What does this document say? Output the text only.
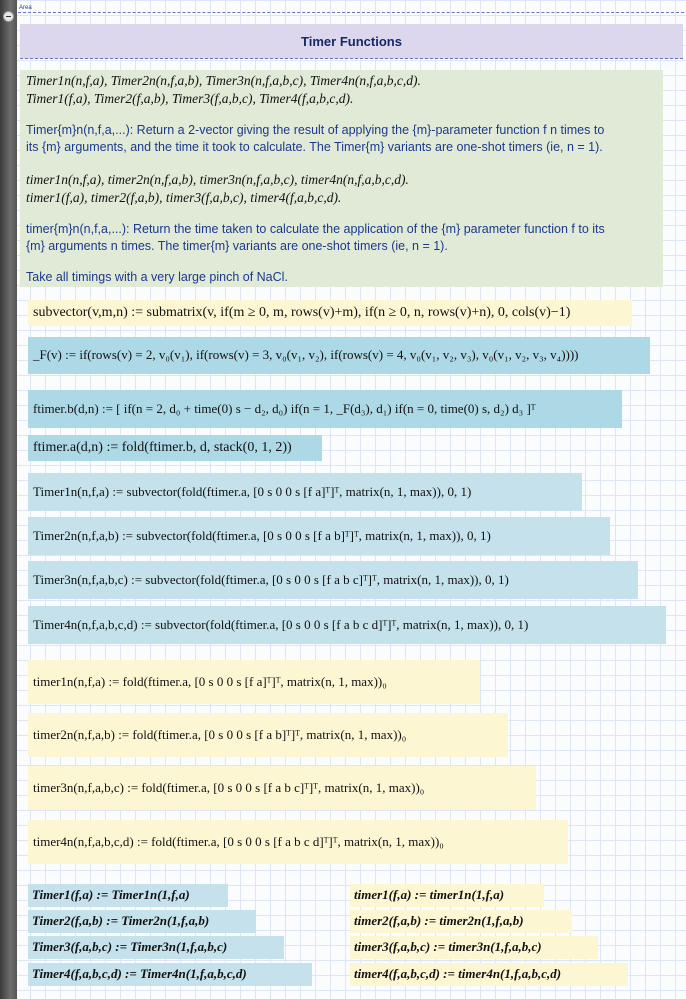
Area
Timer Functions
Timer1n(n,f,a), Timer2n(n,f,a,b), Timer3n(n,f,a,b,c), Timer4n(n,f,a,b,c,d).
Timer1(f,a), Timer2(f,a,b), Timer3(f,a,b,c), Timer4(f,a,b,c,d).
Timer{m}n(n,f,a,...): Return a 2-vector giving the result of applying the {m}-parameter function f n times to
its {m} arguments, and the time it took to calculate. The Timer{m} variants are one-shot timers (ie, n = 1).
timer1n(n,f,a), timer2n(n,f,a,b), timer3n(n,f,a,b,c), timer4n(n,f,a,b,c,d).
timer1(f,a), timer2(f,a,b), timer3(f,a,b,c), timer4(f,a,b,c,d).
timer{m}n(n,f,a,...): Return the time taken to calculate the application of the {m} parameter function f to its
{m} arguments n times. The timer{m} variants are one-shot timers (ie, n = 1).
Take all timings with a very large pinch of NaCl.
subvector(v,m,n) := submatrix(v, if(m ≥ 0, m, rows(v)+m), if(n ≥ 0, n, rows(v)+n), 0, cols(v)−1)
_F(v) := if(rows(v) = 2, v₀(v₁), if(rows(v) = 3, v₀(v₁, v₂), if(rows(v) = 4, v₀(v₁, v₂, v₃), v₀(v₁, v₂, v₃, v₄))))
ftimer.b(d,n) := [ if(n = 2, d₀ + time(0) s − d₂, d₀) if(n = 1, _F(d₃), d₁) if(n = 0, time(0) s, d₂) d₃ ]ᵀ
ftimer.a(d,n) := fold(ftimer.b, d, stack(0, 1, 2))
Timer1n(n,f,a) := subvector(fold(ftimer.a, [0 s 0 0 s [f a]ᵀ]ᵀ, matrix(n, 1, max)), 0, 1)
Timer2n(n,f,a,b) := subvector(fold(ftimer.a, [0 s 0 0 s [f a b]ᵀ]ᵀ, matrix(n, 1, max)), 0, 1)
Timer3n(n,f,a,b,c) := subvector(fold(ftimer.a, [0 s 0 0 s [f a b c]ᵀ]ᵀ, matrix(n, 1, max)), 0, 1)
Timer4n(n,f,a,b,c,d) := subvector(fold(ftimer.a, [0 s 0 0 s [f a b c d]ᵀ]ᵀ, matrix(n, 1, max)), 0, 1)
timer1n(n,f,a) := fold(ftimer.a, [0 s 0 0 s [f a]ᵀ]ᵀ, matrix(n, 1, max))₀
timer2n(n,f,a,b) := fold(ftimer.a, [0 s 0 0 s [f a b]ᵀ]ᵀ, matrix(n, 1, max))₀
timer3n(n,f,a,b,c) := fold(ftimer.a, [0 s 0 0 s [f a b c]ᵀ]ᵀ, matrix(n, 1, max))₀
timer4n(n,f,a,b,c,d) := fold(ftimer.a, [0 s 0 0 s [f a b c d]ᵀ]ᵀ, matrix(n, 1, max))₀
Timer1(f,a) := Timer1n(1,f,a)
Timer2(f,a,b) := Timer2n(1,f,a,b)
Timer3(f,a,b,c) := Timer3n(1,f,a,b,c)
Timer4(f,a,b,c,d) := Timer4n(1,f,a,b,c,d)
timer1(f,a) := timer1n(1,f,a)
timer2(f,a,b) := timer2n(1,f,a,b)
timer3(f,a,b,c) := timer3n(1,f,a,b,c)
timer4(f,a,b,c,d) := timer4n(1,f,a,b,c,d)
